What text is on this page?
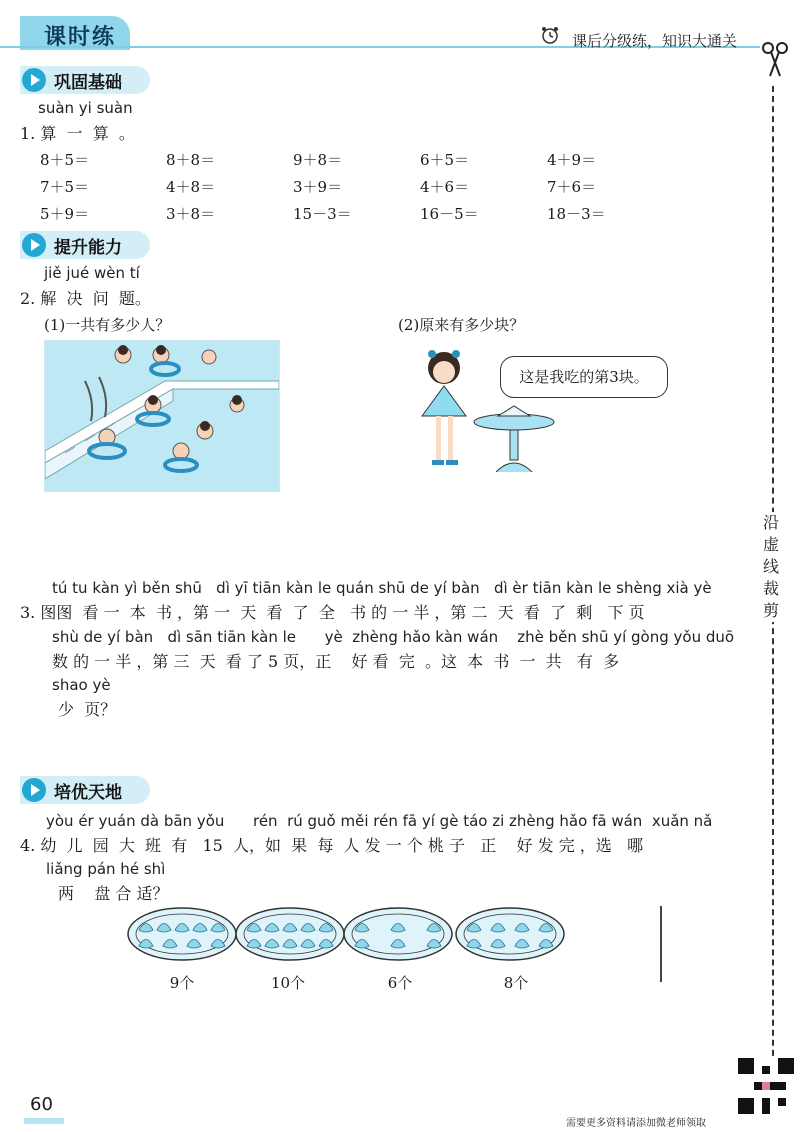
课时练	课后分级练，知识大通关
沿虚线裁剪
巩固基础
suàn yi suàn
1. 算  一  算  。
8＋5＝	8＋8＝	9＋8＝	6＋5＝	4＋9＝
7＋5＝	4＋8＝	3＋9＝	4＋6＝	7＋6＝
5＋9＝	3＋8＝	15－3＝	16－5＝	18－3＝
提升能力
jiě jué wèn tí
2. 解  决  问  题。
(1)一共有多少人？	(2)原来有多少块？
这是我吃的第3块。
tú tu kàn yì běn shū   dì yī tiān kàn le quán shū de yí bàn   dì èr tiān kàn le shèng xià yè
3. 图图  看 一  本  书 ，第 一  天  看  了  全   书 的 一 半 ，第 二  天  看  了  剩   下 页
shù de yí bàn   dì sān tiān kàn le      yè  zhèng hǎo kàn wán    zhè běn shū yí gòng yǒu duō
数 的 一 半 ，第 三  天  看 了 5 页，正    好 看  完  。这  本  书  一  共   有  多
shao yè
少  页？
培优天地
yòu ér yuán dà bān yǒu      rén  rú guǒ měi rén fā yí gè táo zi zhèng hǎo fā wán  xuǎn nǎ
4. 幼  儿  园  大  班  有   15  人，如  果  每  人 发 一 个 桃 子   正    好 发 完 ，选   哪
liǎng pán hé shì
两    盘 合 适？
9个	10个	6个	8个
60
需要更多资料请添加微老师领取
